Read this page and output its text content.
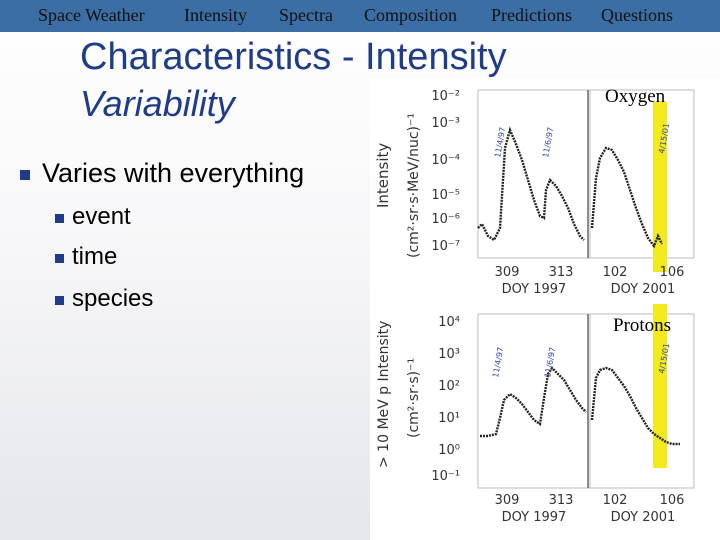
Space Weather Intensity Spectra Composition Predictions Questions
Characteristics - Intensity
Variability
Varies with everything
event
time
species
Intensity (cm²·sr·s·MeV/nuc)⁻¹
10⁻²
10⁻³
10⁻⁴
10⁻⁵
10⁻⁶
10⁻⁷
11/4/97	11/6/97	4/15/01
309 313 102 106
DOY 1997	DOY 2001
> 10 MeV p Intensity (cm²·sr·s)⁻¹
10⁴
10³
10²
10¹
10⁰
10⁻¹
11/4/97	11/6/97	4/15/01
309 313 102 106
DOY 1997	DOY 2001
Oxygen
Protons
